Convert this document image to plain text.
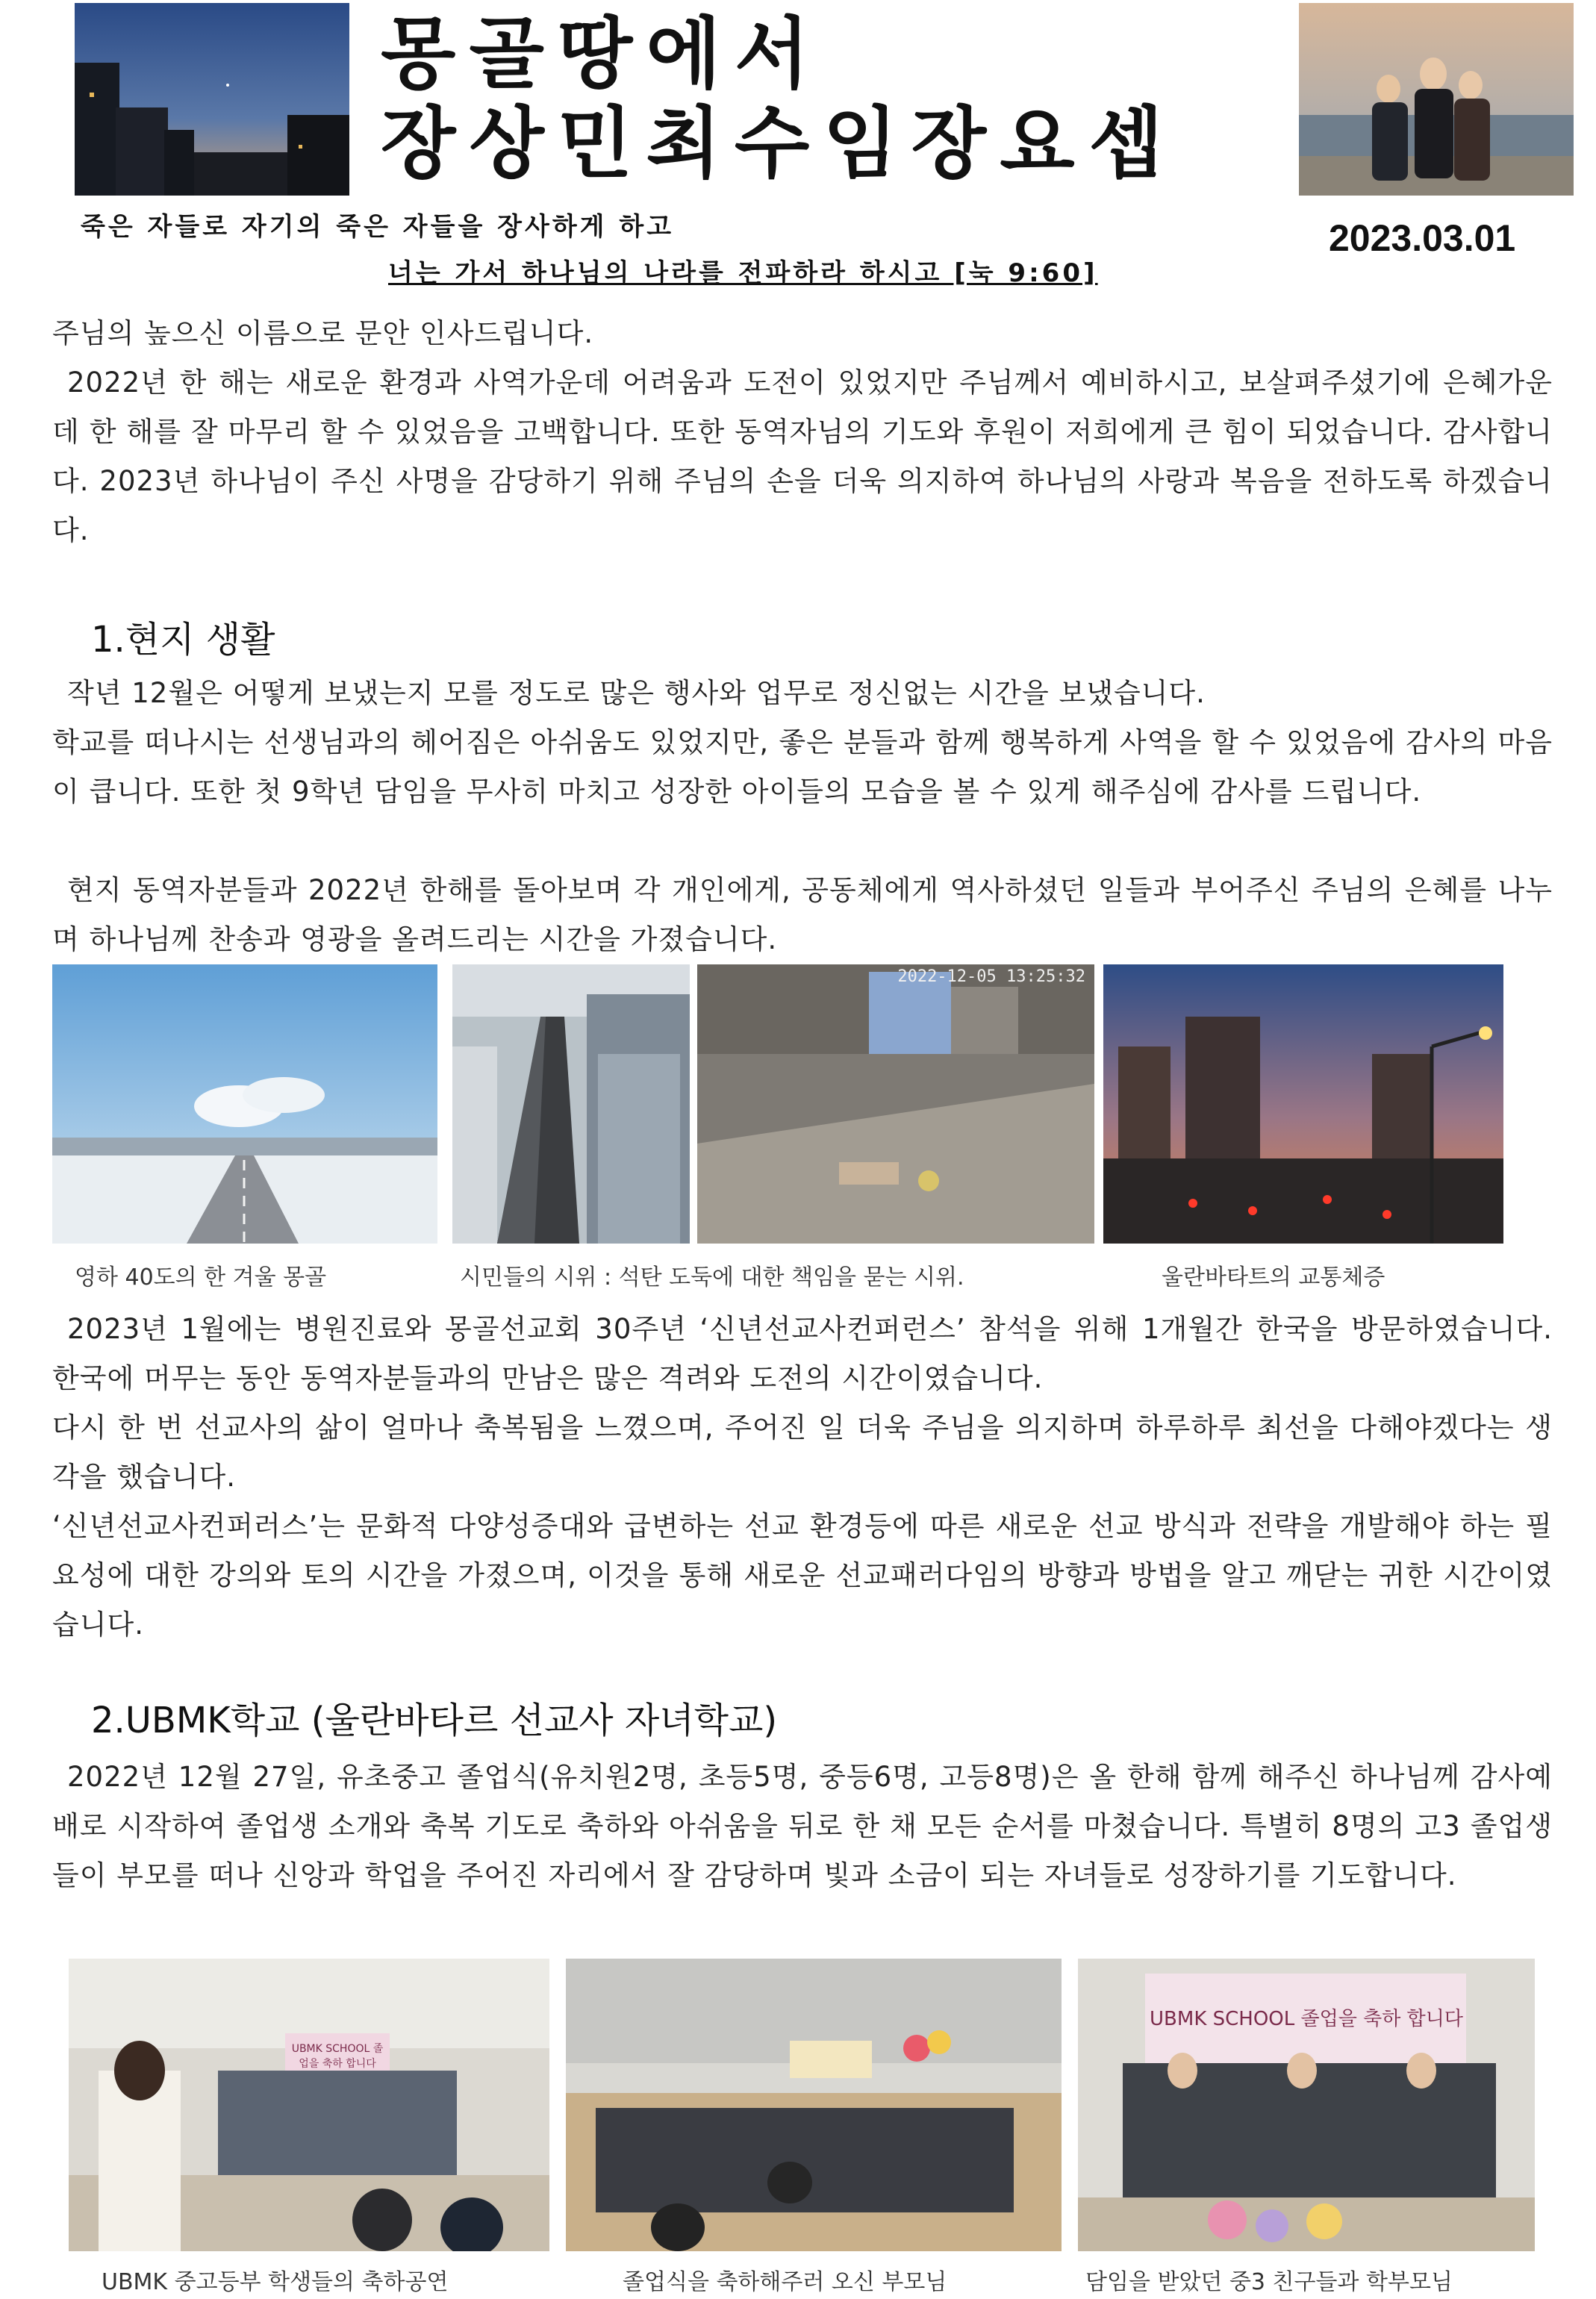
몽골땅에서
장상민최수임장요셉
죽은 자들로 자기의 죽은 자들을 장사하게 하고
너는 가서 하나님의 나라를 전파하라 하시고 [눅 9:60]
2023.03.01
주님의 높으신 이름으로 문안 인사드립니다.
2022년 한 해는 새로운 환경과 사역가운데 어려움과 도전이 있었지만 주님께서 예비하시고, 보살펴주셨기에 은혜가운데 한 해를 잘 마무리 할 수 있었음을 고백합니다. 또한 동역자님의 기도와 후원이 저희에게 큰 힘이 되었습니다. 감사합니다. 2023년 하나님이 주신 사명을 감당하기 위해 주님의 손을 더욱 의지하여 하나님의 사랑과 복음을 전하도록 하겠습니다.
1.현지 생활
작년 12월은 어떻게 보냈는지 모를 정도로 많은 행사와 업무로 정신없는 시간을 보냈습니다.
학교를 떠나시는 선생님과의 헤어짐은 아쉬움도 있었지만, 좋은 분들과 함께 행복하게 사역을 할 수 있었음에 감사의 마음이 큽니다. 또한 첫 9학년 담임을 무사히 마치고 성장한 아이들의 모습을 볼 수 있게 해주심에 감사를 드립니다.
현지 동역자분들과 2022년 한해를 돌아보며 각 개인에게, 공동체에게 역사하셨던 일들과 부어주신 주님의 은혜를 나누며 하나님께 찬송과 영광을 올려드리는 시간을 가졌습니다.
2022-12-05 13:25:32
영하 40도의 한 겨울 몽골	시민들의 시위 : 석탄 도둑에 대한 책임을 묻는 시위.	울란바타트의 교통체증
2023년 1월에는 병원진료와 몽골선교회 30주년 ‘신년선교사컨퍼런스’ 참석을 위해 1개월간 한국을 방문하였습니다. 한국에 머무는 동안 동역자분들과의 만남은 많은 격려와 도전의 시간이였습니다.
다시 한 번 선교사의 삶이 얼마나 축복됨을 느꼈으며, 주어진 일 더욱 주님을 의지하며 하루하루 최선을 다해야겠다는 생각을 했습니다.
‘신년선교사컨퍼러스’는 문화적 다양성증대와 급변하는 선교 환경등에 따른 새로운 선교 방식과 전략을 개발해야 하는 필요성에 대한 강의와 토의 시간을 가졌으며, 이것을 통해 새로운 선교패러다임의 방향과 방법을 알고 깨닫는 귀한 시간이였습니다.
2.UBMK학교 (울란바타르 선교사 자녀학교)
2022년 12월 27일, 유초중고 졸업식(유치원2명, 초등5명, 중등6명, 고등8명)은 올 한해 함께 해주신 하나님께 감사예배로 시작하여 졸업생 소개와 축복 기도로 축하와 아쉬움을 뒤로 한 채 모든 순서를 마쳤습니다. 특별히 8명의 고3 졸업생들이 부모를 떠나 신앙과 학업을 주어진 자리에서 잘 감당하며 빛과 소금이 되는 자녀들로 성장하기를 기도합니다.
UBMK SCHOOL 졸업을 축하 합니다
UBMK SCHOOL 졸업을 축하 합니다
UBMK 중고등부 학생들의 축하공연	졸업식을 축하해주러 오신 부모님	담임을 받았던 중3 친구들과 학부모님
